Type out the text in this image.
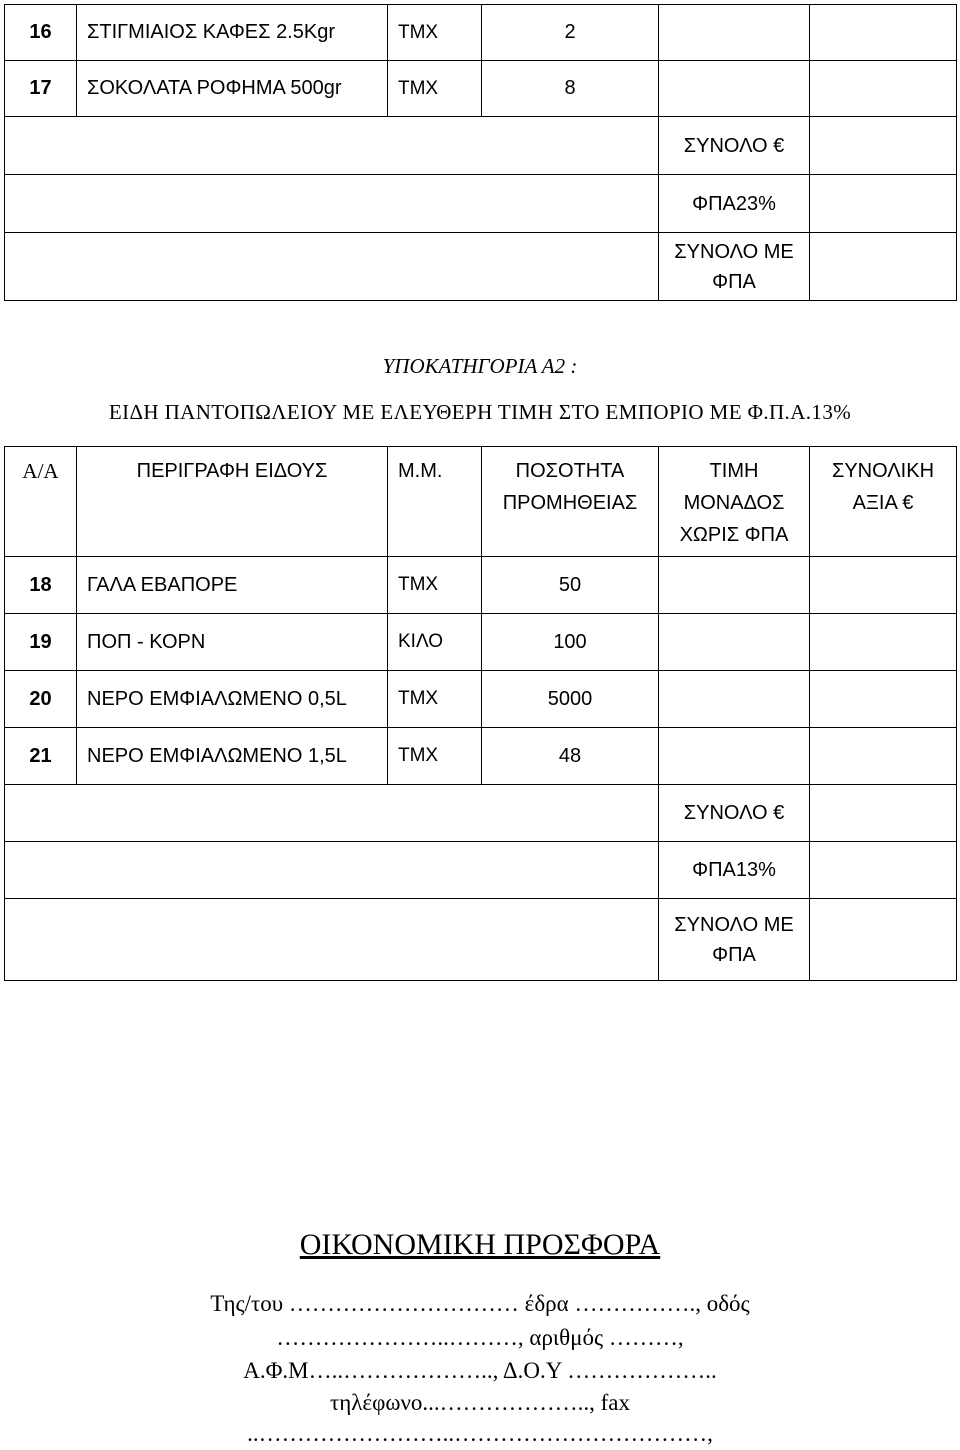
16	ΣΤΙΓΜΙΑΙΟΣ ΚΑΦΕΣ 2.5Kgr	TMX	2		
17	ΣΟΚΟΛΑΤΑ ΡΟΦΗΜΑ 500gr	TMX	8		
				ΣΥΝΟΛΟ €	
				ΦΠΑ23%	
				ΣΥΝΟΛΟ ΜΕ ΦΠΑ	
ΥΠΟΚΑΤΗΓΟΡΙΑ Α2 :
ΕΙΔΗ ΠΑΝΤΟΠΩΛΕΙΟΥ ΜΕ ΕΛΕΥΘΕΡΗ ΤΙΜΗ ΣΤΟ ΕΜΠΟΡΙΟ ΜΕ Φ.Π.Α.13%
Α/Α	ΠΕΡΙΓΡΑΦΗ ΕΙΔΟΥΣ	Μ.Μ.	ΠΟΣΟΤΗΤΑ ΠΡΟΜΗΘΕΙΑΣ	ΤΙΜΗ ΜΟΝΑΔΟΣ ΧΩΡΙΣ ΦΠΑ	ΣΥΝΟΛΙΚΗ ΑΞΙΑ €
18	ΓΑΛΑ ΕΒΑΠΟΡΕ	TMX	50		
19	ΠΟΠ - ΚΟΡΝ	ΚΙΛΟ	100		
20	ΝΕΡΟ ΕΜΦΙΑΛΩΜΕΝΟ 0,5L	TMX	5000		
21	ΝΕΡΟ ΕΜΦΙΑΛΩΜΕΝΟ 1,5L	TMX	48		
				ΣΥΝΟΛΟ €	
				ΦΠΑ13%	
				ΣΥΝΟΛΟ ΜΕ ΦΠΑ	
ΟΙΚΟΝΟΜΙΚΗ ΠΡΟΣΦΟΡΑ
Της/του ………………………… έδρα ……………., οδός
…………………..………, αριθμός ………,
Α.Φ.Μ…..……………….., Δ.Ο.Υ ………………..
τηλέφωνο...……………….., fax
..……………………..……………………………,
